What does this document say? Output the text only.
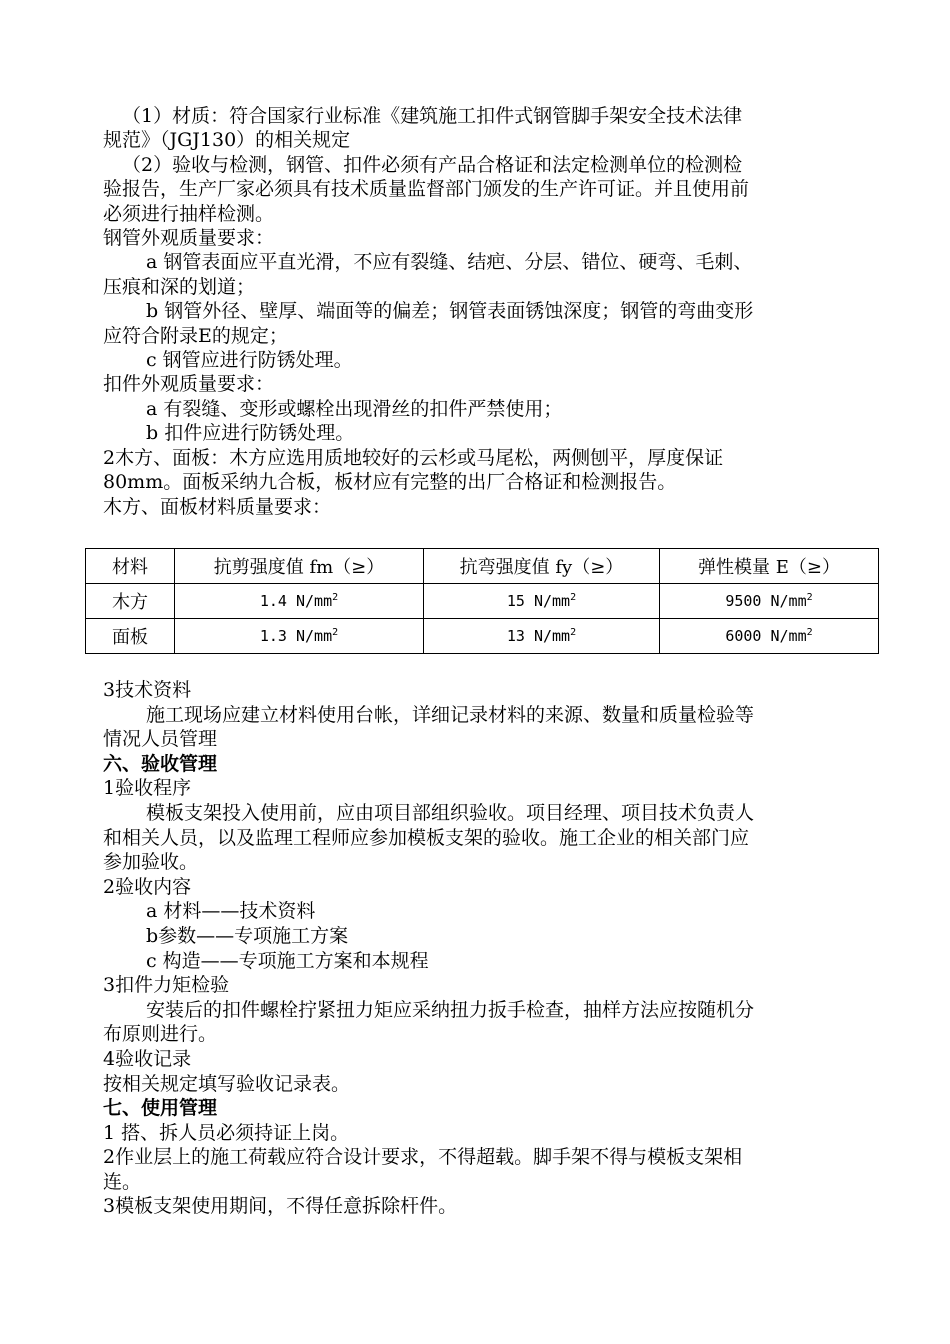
（1）材质：符合国家行业标准《建筑施工扣件式钢管脚手架安全技术法律

规范》（JGJ130）的相关规定

（2）验收与检测，钢管、扣件必须有产品合格证和法定检测单位的检测检

验报告，生产厂家必须具有技术质量监督部门颁发的生产许可证。并且使用前

必须进行抽样检测。

钢管外观质量要求：

a 钢管表面应平直光滑，不应有裂缝、结疤、分层、错位、硬弯、毛刺、

压痕和深的划道；

b 钢管外径、壁厚、端面等的偏差；钢管表面锈蚀深度；钢管的弯曲变形

应符合附录E的规定；

c 钢管应进行防锈处理。

扣件外观质量要求：

a 有裂缝、变形或螺栓出现滑丝的扣件严禁使用；

b 扣件应进行防锈处理。

2木方、面板：木方应选用质地较好的云杉或马尾松，两侧刨平，厚度保证

80mm。面板采纳九合板，板材应有完整的出厂合格证和检测报告。

木方、面板材料质量要求：

材料	抗剪强度值 fm（≥）	抗弯强度值 fy（≥）	弹性模量 E（≥）
木方	1.4 $N/mm^2$	15 $N/mm^2$	9500 $N/mm^2$
面板	1.3 $N/mm^2$	13 $N/mm^2$	6000 $N/mm^2$

3技术资料

施工现场应建立材料使用台帐，详细记录材料的来源、数量和质量检验等

情况人员管理

六、验收管理

1验收程序

模板支架投入使用前，应由项目部组织验收。项目经理、项目技术负责人

和相关人员，以及监理工程师应参加模板支架的验收。施工企业的相关部门应

参加验收。

2验收内容

a 材料——技术资料

b参数——专项施工方案

c 构造——专项施工方案和本规程

3扣件力矩检验

安装后的扣件螺栓拧紧扭力矩应采纳扭力扳手检查，抽样方法应按随机分

布原则进行。

4验收记录

按相关规定填写验收记录表。

七、使用管理

1 搭、拆人员必须持证上岗。

2作业层上的施工荷载应符合设计要求，不得超载。脚手架不得与模板支架相

连。

3模板支架使用期间，不得任意拆除杆件。
